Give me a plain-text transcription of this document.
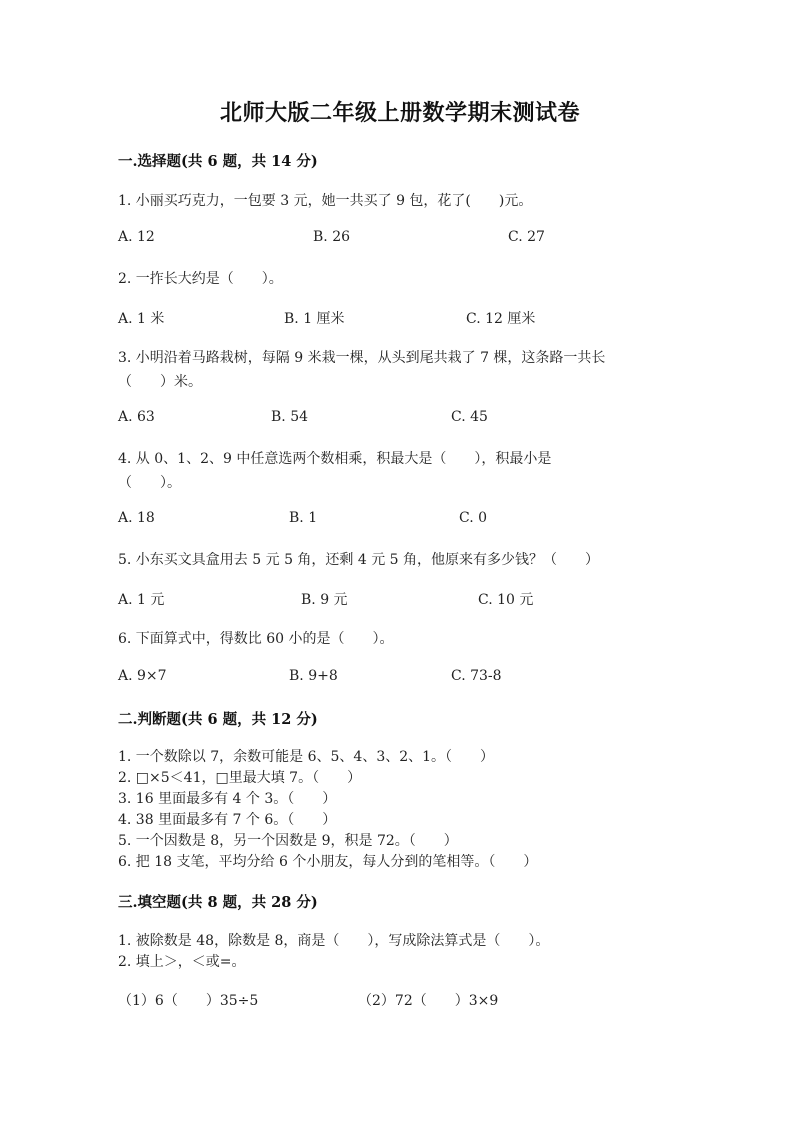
北师大版二年级上册数学期末测试卷
一.选择题(共 6 题，共 14 分)
1. 小丽买巧克力，一包要 3 元，她一共买了 9 包，花了(　　)元。
A. 12	B. 26	C. 27
2. 一拃长大约是（　　）。
A. 1 米	B. 1 厘米	C. 12 厘米
3. 小明沿着马路栽树，每隔 9 米栽一棵，从头到尾共栽了 7 棵，这条路一共长
（　　）米。
A. 63	B. 54	C. 45
4. 从 0、1、2、9 中任意选两个数相乘，积最大是（　　），积最小是
（　　）。
A. 18	B. 1	C. 0
5. 小东买文具盒用去 5 元 5 角，还剩 4 元 5 角，他原来有多少钱？（　　）
A. 1 元	B. 9 元	C. 10 元
6. 下面算式中，得数比 60 小的是（　　）。
A. 9×7	B. 9+8	C. 73-8
二.判断题(共 6 题，共 12 分)
1. 一个数除以 7，余数可能是 6、5、4、3、2、1。（　　）
2. □×5＜41，□里最大填 7。（　　）
3. 16 里面最多有 4 个 3。（　　）
4. 38 里面最多有 7 个 6。（　　）
5. 一个因数是 8，另一个因数是 9，积是 72。（　　）
6. 把 18 支笔，平均分给 6 个小朋友，每人分到的笔相等。（　　）
三.填空题(共 8 题，共 28 分)
1. 被除数是 48，除数是 8，商是（　　），写成除法算式是（　　）。
2. 填上＞，＜或=。
（1）6（　　）35÷5	（2）72（　　）3×9
